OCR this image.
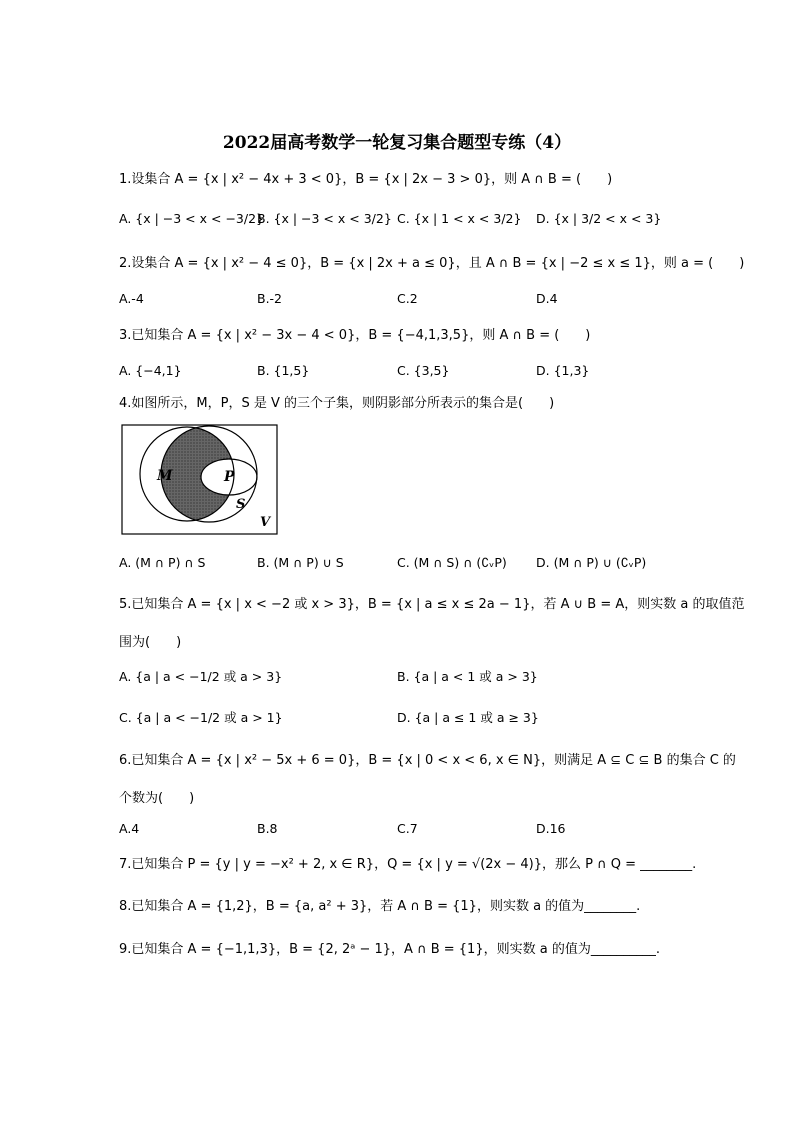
2022届高考数学一轮复习集合题型专练（4）
1.设集合 A = {x | x² − 4x + 3 < 0}，B = {x | 2x − 3 > 0}，则 A ∩ B = (　　)
A. {x | −3 < x < −3/2}
B. {x | −3 < x < 3/2} C. {x | 1 < x < 3/2} D. {x | 3/2 < x < 3}
2.设集合 A = {x | x² − 4 ≤ 0}，B = {x | 2x + a ≤ 0}，且 A ∩ B = {x | −2 ≤ x ≤ 1}，则 a = (　　)
A.-4	B.-2	C.2	D.4
3.已知集合 A = {x | x² − 3x − 4 < 0}，B = {−4,1,3,5}，则 A ∩ B = (　　)
A. {−4,1}	B. {1,5}	C. {3,5}	D. {1,3}
4.如图所示，M，P，S 是 V 的三个子集，则阴影部分所表示的集合是(　　)
M	P
S
V
A. (M ∩ P) ∩ S	B. (M ∩ P) ∪ S	C. (M ∩ S) ∩ (∁ᵥP) D. (M ∩ P) ∪ (∁ᵥP)
5.已知集合 A = {x | x < −2 或 x > 3}，B = {x | a ≤ x ≤ 2a − 1}，若 A ∪ B = A，则实数 a 的取值范
围为(　　)
A. {a | a < −1/2 或 a > 3}	B. {a | a < 1 或 a > 3}
C. {a | a < −1/2 或 a > 1}	D. {a | a ≤ 1 或 a ≥ 3}
6.已知集合 A = {x | x² − 5x + 6 = 0}，B = {x | 0 < x < 6, x ∈ N}，则满足 A ⊆ C ⊆ B 的集合 C 的
个数为(　　)
A.4	B.8	C.7	D.16
7.已知集合 P = {y | y = −x² + 2, x ∈ R}，Q = {x | y = √(2x − 4)}，那么 P ∩ Q = ________.
8.已知集合 A = {1,2}，B = {a, a² + 3}，若 A ∩ B = {1}，则实数 a 的值为________.
9.已知集合 A = {−1,1,3}，B = {2, 2ᵃ − 1}，A ∩ B = {1}，则实数 a 的值为__________.
